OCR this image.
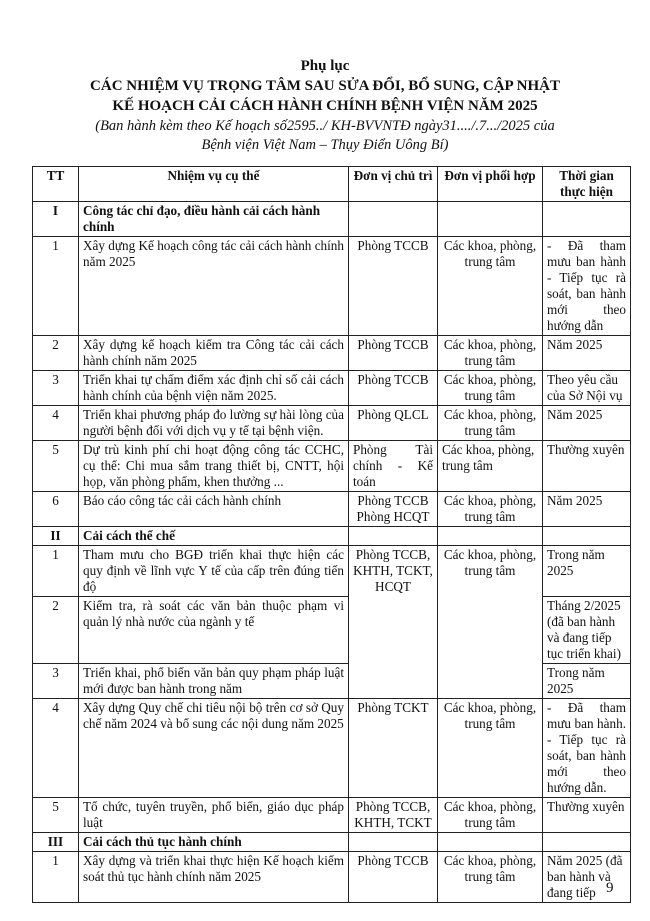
Phụ lục
CÁC NHIỆM VỤ TRỌNG TÂM SAU SỬA ĐỔI, BỔ SUNG, CẬP NHẬT
KẾ HOẠCH CẢI CÁCH HÀNH CHÍNH BỆNH VIỆN NĂM 2025
(Ban hành kèm theo Kế hoạch số2595../ KH-BVVNTĐ ngày31..../.7.../2025 của
Bệnh viện Việt Nam – Thụy Điển Uông Bí)
TT	Nhiệm vụ cụ thể	Đơn vị chủ trì	Đơn vị phối hợp	Thời gian thực hiện
I	Công tác chỉ đạo, điều hành cải cách hành chính			
1	Xây dựng Kế hoạch công tác cải cách hành chính năm 2025	Phòng TCCB	Các khoa, phòng, trung tâm	- Đã tham mưu ban hành - Tiếp tục rà soát, ban hành mới theo hướng dẫn
2	Xây dựng kế hoạch kiểm tra Công tác cải cách hành chính năm 2025	Phòng TCCB	Các khoa, phòng, trung tâm	Năm 2025
3	Triển khai tự chấm điểm xác định chỉ số cải cách hành chính của bệnh viện năm 2025.	Phòng TCCB	Các khoa, phòng, trung tâm	Theo yêu cầu của Sở Nội vụ
4	Triển khai phương pháp đo lường sự hài lòng của người bệnh đối với dịch vụ y tế tại bệnh viện.	Phòng QLCL	Các khoa, phòng, trung tâm	Năm 2025
5	Dự trù kinh phí chi hoạt động công tác CCHC, cụ thể: Chi mua sắm trang thiết bị, CNTT, hội họp, văn phòng phẩm, khen thưởng ...	Phòng Tài chính - Kế toán	Các khoa, phòng, trung tâm	Thường xuyên
6	Báo cáo công tác cải cách hành chính	Phòng TCCB Phòng HCQT	Các khoa, phòng, trung tâm	Năm 2025
II	Cải cách thể chế			
1	Tham mưu cho BGĐ triển khai thực hiện các quy định về lĩnh vực Y tế của cấp trên đúng tiến độ	Phòng TCCB, KHTH, TCKT, HCQT	Các khoa, phòng, trung tâm	Trong năm 2025
2	Kiểm tra, rà soát các văn bản thuộc phạm vi quản lý nhà nước của ngành y tế			Tháng 2/2025 (đã ban hành và đang tiếp tục triển khai)
3	Triển khai, phổ biến văn bản quy phạm pháp luật mới được ban hành trong năm			Trong năm 2025
4	Xây dựng Quy chế chi tiêu nội bộ trên cơ sở Quy chế năm 2024 và bổ sung các nội dung năm 2025	Phòng TCKT	Các khoa, phòng, trung tâm	- Đã tham mưu ban hành. - Tiếp tục rà soát, ban hành mới theo hướng dẫn.
5	Tổ chức, tuyên truyền, phổ biến, giáo dục pháp luật	Phòng TCCB, KHTH, TCKT	Các khoa, phòng, trung tâm	Thường xuyên
III	Cải cách thủ tục hành chính			
1	Xây dựng và triển khai thực hiện Kế hoạch kiểm soát thủ tục hành chính năm 2025	Phòng TCCB	Các khoa, phòng, trung tâm	Năm 2025 (đã ban hành và đang tiếp 9
